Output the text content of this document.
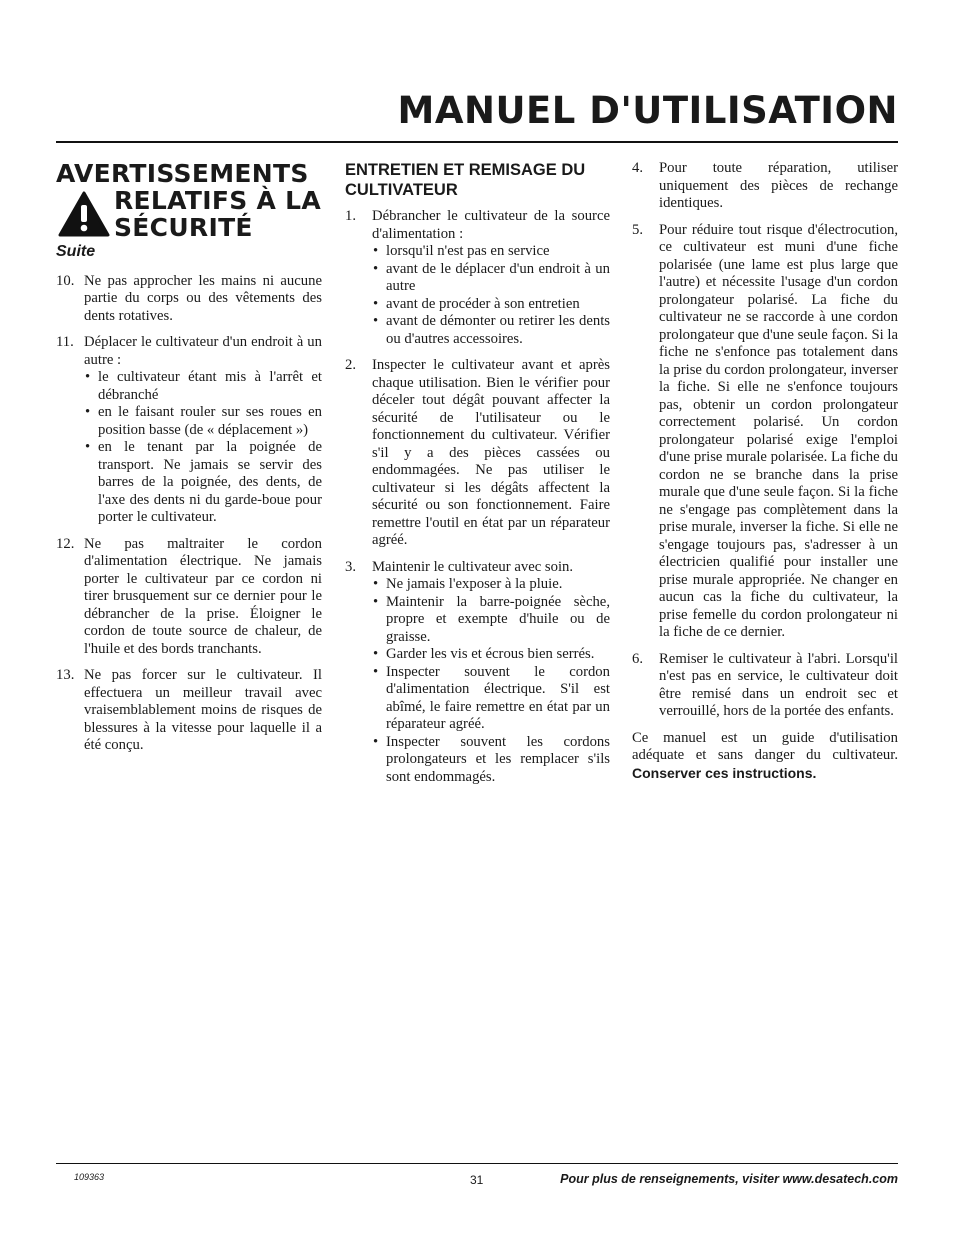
MANUEL D'UTILISATION
AVERTISSEMENTS
RELATIFS À LA
SÉCURITÉ
Suite
10. Ne pas approcher les mains ni aucune partie du corps ou des vêtements des dents rotatives.
11. Déplacer le cultivateur d'un endroit à un autre :
• le cultivateur étant mis à l'arrêt et débranché
• en le faisant rouler sur ses roues en position basse (de « déplacement »)
• en le tenant par la poignée de transport. Ne jamais se servir des barres de la poignée, des dents, de l'axe des dents ni du garde-boue pour porter le cultivateur.
12. Ne pas maltraiter le cordon d'alimentation électrique. Ne jamais porter le cultivateur par ce cordon ni tirer brusquement sur ce dernier pour le débrancher de la prise. Éloigner le cordon de toute source de chaleur, de l'huile et des bords tranchants.
13. Ne pas forcer sur le cultivateur. Il effectuera un meilleur travail avec vraisemblablement moins de risques de blessures à la vitesse pour laquelle il a été conçu.
ENTRETIEN ET REMISAGE DU CULTIVATEUR
1. Débrancher le cultivateur de la source d'alimentation :
• lorsqu'il n'est pas en service
• avant de le déplacer d'un endroit à un autre
• avant de procéder à son entretien
• avant de démonter ou retirer les dents ou d'autres accessoires.
2. Inspecter le cultivateur avant et après chaque utilisation. Bien le vérifier pour déceler tout dégât pouvant affecter la sécurité de l'utilisateur ou le fonctionnement du cultivateur. Vérifier s'il y a des pièces cassées ou endommagées. Ne pas utiliser le cultivateur si les dégâts affectent la sécurité ou son fonctionnement. Faire remettre l'outil en état par un réparateur agréé.
3. Maintenir le cultivateur avec soin.
• Ne jamais l'exposer à la pluie.
• Maintenir la barre-poignée sèche, propre et exempte d'huile ou de graisse.
• Garder les vis et écrous bien serrés.
• Inspecter souvent le cordon d'alimentation électrique. S'il est abîmé, le faire remettre en état par un réparateur agréé.
• Inspecter souvent les cordons prolongateurs et les remplacer s'ils sont endommagés.
4. Pour toute réparation, utiliser uniquement des pièces de rechange identiques.
5. Pour réduire tout risque d'électrocution, ce cultivateur est muni d'une fiche polarisée (une lame est plus large que l'autre) et nécessite l'usage d'un cordon prolongateur polarisé. La fiche du cultivateur ne se raccorde à une cordon prolongateur que d'une seule façon. Si la fiche ne s'enfonce pas totalement dans la prise du cordon prolongateur, inverser la fiche. Si elle ne s'enfonce toujours pas, obtenir un cordon prolongateur correctement polarisé. Un cordon prolongateur polarisé exige l'emploi d'une prise murale polarisée. La fiche du cordon ne se branche dans la prise murale que d'une seule façon. Si la fiche ne s'engage pas complètement dans la prise murale, inverser la fiche. Si elle ne s'engage toujours pas, s'adresser à un électricien qualifié pour installer une prise murale appropriée. Ne changer en aucun cas la fiche du cultivateur, la prise femelle du cordon prolongateur ni la fiche de ce dernier.
6. Remiser le cultivateur à l'abri. Lorsqu'il n'est pas en service, le cultivateur doit être remisé dans un endroit sec et verrouillé, hors de la portée des enfants.

Ce manuel est un guide d'utilisation adéquate et sans danger du cultivateur. Conserver ces instructions.

109363	31	Pour plus de renseignements, visiter www.desatech.com
